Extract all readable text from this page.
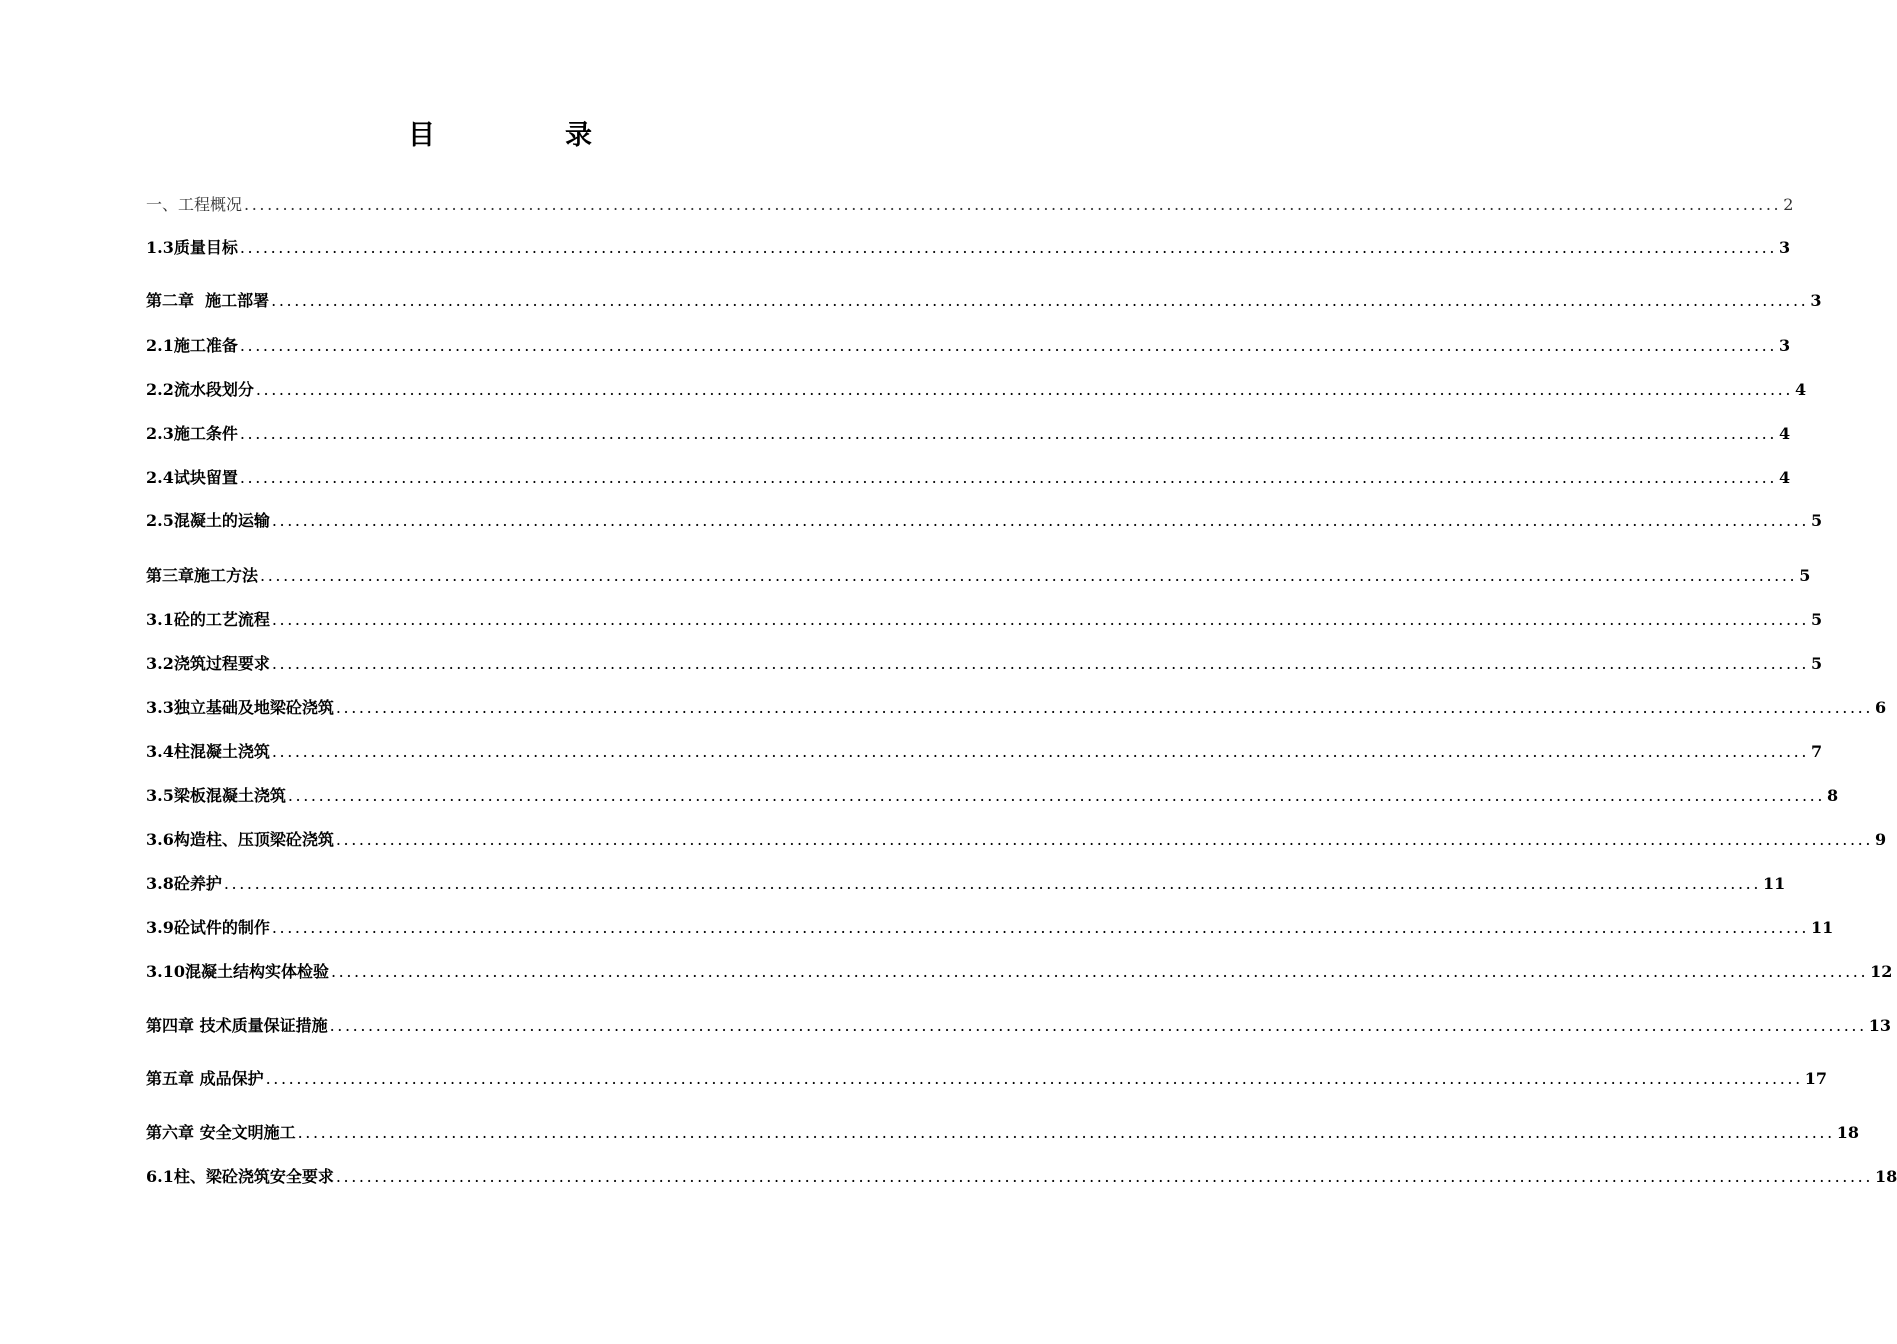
目	录
一、工程概况 ........................................................................................................................................................................................................ 2
1.3质量目标 ........................................................................................................................................................................................................ 3
第二章  施工部署 ........................................................................................................................................................................................................ 3
2.1施工准备 ........................................................................................................................................................................................................ 3
2.2流水段划分 ........................................................................................................................................................................................................ 4
2.3施工条件 ........................................................................................................................................................................................................ 4
2.4试块留置 ........................................................................................................................................................................................................ 4
2.5混凝土的运输 ........................................................................................................................................................................................................ 5
第三章施工方法 ........................................................................................................................................................................................................ 5
3.1砼的工艺流程 ........................................................................................................................................................................................................ 5
3.2浇筑过程要求 ........................................................................................................................................................................................................ 5
3.3独立基础及地梁砼浇筑 ........................................................................................................................................................................................................ 6
3.4柱混凝土浇筑 ........................................................................................................................................................................................................ 7
3.5梁板混凝土浇筑 ........................................................................................................................................................................................................ 8
3.6构造柱、压顶梁砼浇筑 ........................................................................................................................................................................................................ 9
3.8砼养护 ........................................................................................................................................................................................................ 11
3.9砼试件的制作 ........................................................................................................................................................................................................ 11
3.10混凝土结构实体检验 ........................................................................................................................................................................................................ 12
第四章 技术质量保证措施 ........................................................................................................................................................................................................ 13
第五章 成品保护 ........................................................................................................................................................................................................ 17
第六章 安全文明施工 ........................................................................................................................................................................................................ 18
6.1柱、梁砼浇筑安全要求 ........................................................................................................................................................................................................ 18
